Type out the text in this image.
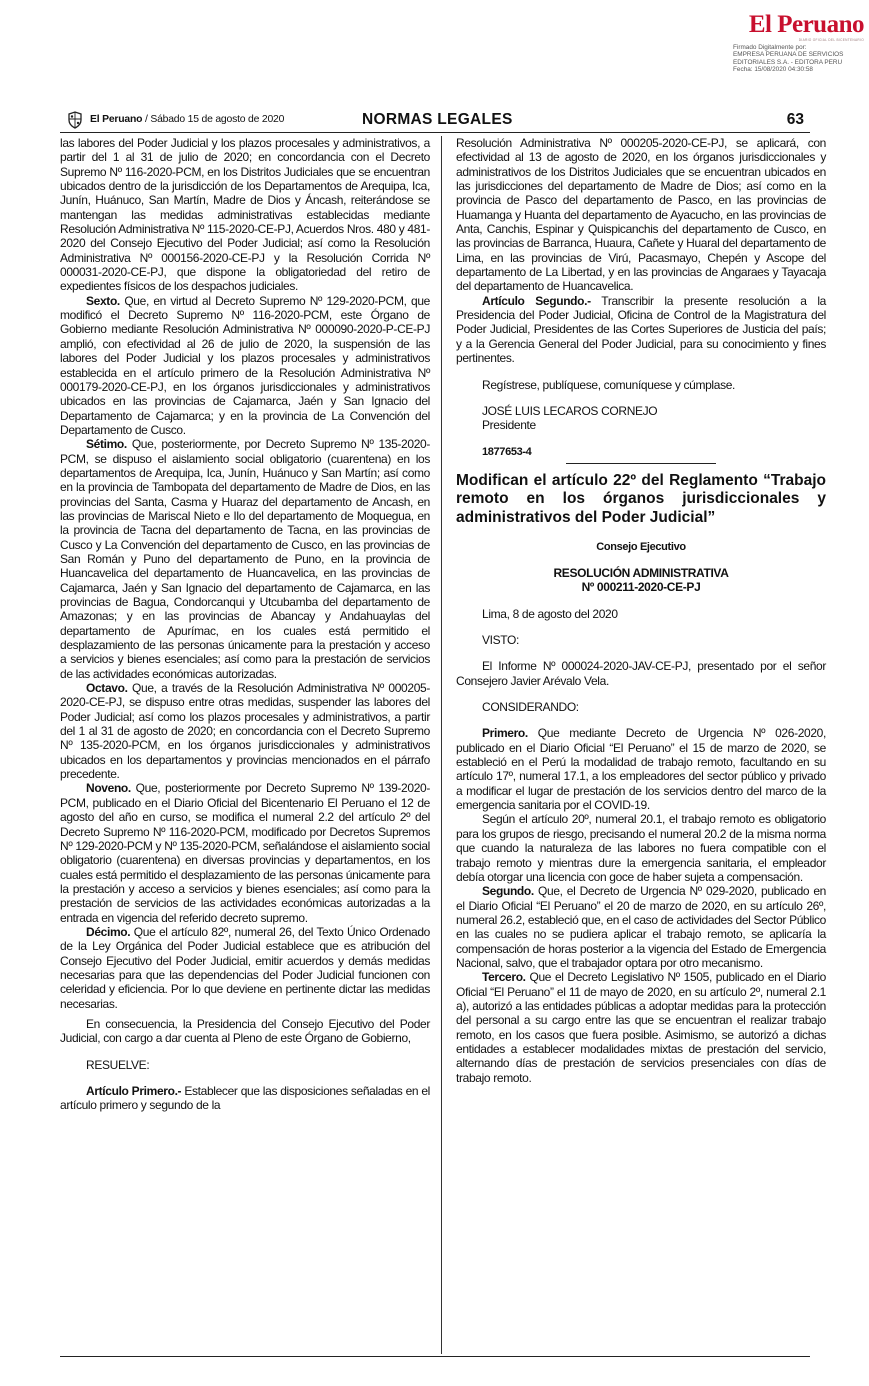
El Peruano
DIARIO OFICIAL DEL BICENTENARIO
Firmado Digitalmente por:
EMPRESA PERUANA DE SERVICIOS
EDITORIALES S.A. - EDITORA PERU
Fecha: 15/08/2020 04:30:58
El Peruano / Sábado 15 de agosto de 2020	NORMAS LEGALES	63

las labores del Poder Judicial y los plazos procesales y administrativos, a partir del 1 al 31 de julio de 2020; en concordancia con el Decreto Supremo Nº 116-2020-PCM, en los Distritos Judiciales que se encuentran ubicados dentro de la jurisdicción de los Departamentos de Arequipa, Ica, Junín, Huánuco, San Martín, Madre de Dios y Áncash, reiterándose se mantengan las medidas administrativas establecidas mediante Resolución Administrativa Nº 115-2020-CE-PJ, Acuerdos Nros. 480 y 481-2020 del Consejo Ejecutivo del Poder Judicial; así como la Resolución Administrativa Nº 000156-2020-CE-PJ y la Resolución Corrida Nº 000031-2020-CE-PJ, que dispone la obligatoriedad del retiro de expedientes físicos de los despachos judiciales.

Sexto. Que, en virtud al Decreto Supremo Nº 129-2020-PCM, que modificó el Decreto Supremo Nº 116-2020-PCM, este Órgano de Gobierno mediante Resolución Administrativa Nº 000090-2020-P-CE-PJ amplió, con efectividad al 26 de julio de 2020, la suspensión de las labores del Poder Judicial y los plazos procesales y administrativos establecida en el artículo primero de la Resolución Administrativa Nº 000179-2020-CE-PJ, en los órganos jurisdiccionales y administrativos ubicados en las provincias de Cajamarca, Jaén y San Ignacio del Departamento de Cajamarca; y en la provincia de La Convención del Departamento de Cusco.

Sétimo. Que, posteriormente, por Decreto Supremo Nº 135-2020-PCM, se dispuso el aislamiento social obligatorio (cuarentena) en los departamentos de Arequipa, Ica, Junín, Huánuco y San Martín; así como en la provincia de Tambopata del departamento de Madre de Dios, en las provincias del Santa, Casma y Huaraz del departamento de Ancash, en las provincias de Mariscal Nieto e Ilo del departamento de Moquegua, en la provincia de Tacna del departamento de Tacna, en las provincias de Cusco y La Convención del departamento de Cusco, en las provincias de San Román y Puno del departamento de Puno, en la provincia de Huancavelica del departamento de Huancavelica, en las provincias de Cajamarca, Jaén y San Ignacio del departamento de Cajamarca, en las provincias de Bagua, Condorcanqui y Utcubamba del departamento de Amazonas; y en las provincias de Abancay y Andahuaylas del departamento de Apurímac, en los cuales está permitido el desplazamiento de las personas únicamente para la prestación y acceso a servicios y bienes esenciales; así como para la prestación de servicios de las actividades económicas autorizadas.

Octavo. Que, a través de la Resolución Administrativa Nº 000205-2020-CE-PJ, se dispuso entre otras medidas, suspender las labores del Poder Judicial; así como los plazos procesales y administrativos, a partir del 1 al 31 de agosto de 2020; en concordancia con el Decreto Supremo Nº 135-2020-PCM, en los órganos jurisdiccionales y administrativos ubicados en los departamentos y provincias mencionados en el párrafo precedente.

Noveno. Que, posteriormente por Decreto Supremo Nº 139-2020-PCM, publicado en el Diario Oficial del Bicentenario El Peruano el 12 de agosto del año en curso, se modifica el numeral 2.2 del artículo 2º del Decreto Supremo Nº 116-2020-PCM, modificado por Decretos Supremos Nº 129-2020-PCM y Nº 135-2020-PCM, señalándose el aislamiento social obligatorio (cuarentena) en diversas provincias y departamentos, en los cuales está permitido el desplazamiento de las personas únicamente para la prestación y acceso a servicios y bienes esenciales; así como para la prestación de servicios de las actividades económicas autorizadas a la entrada en vigencia del referido decreto supremo.

Décimo. Que el artículo 82º, numeral 26, del Texto Único Ordenado de la Ley Orgánica del Poder Judicial establece que es atribución del Consejo Ejecutivo del Poder Judicial, emitir acuerdos y demás medidas necesarias para que las dependencias del Poder Judicial funcionen con celeridad y eficiencia. Por lo que deviene en pertinente dictar las medidas necesarias.

En consecuencia, la Presidencia del Consejo Ejecutivo del Poder Judicial, con cargo a dar cuenta al Pleno de este Órgano de Gobierno,

RESUELVE:

Artículo Primero.- Establecer que las disposiciones señaladas en el artículo primero y segundo de la

Resolución Administrativa Nº 000205-2020-CE-PJ, se aplicará, con efectividad al 13 de agosto de 2020, en los órganos jurisdiccionales y administrativos de los Distritos Judiciales que se encuentran ubicados en las jurisdicciones del departamento de Madre de Dios; así como en la provincia de Pasco del departamento de Pasco, en las provincias de Huamanga y Huanta del departamento de Ayacucho, en las provincias de Anta, Canchis, Espinar y Quispicanchis del departamento de Cusco, en las provincias de Barranca, Huaura, Cañete y Huaral del departamento de Lima, en las provincias de Virú, Pacasmayo, Chepén y Ascope del departamento de La Libertad, y en las provincias de Angaraes y Tayacaja del departamento de Huancavelica.

Artículo Segundo.- Transcribir la presente resolución a la Presidencia del Poder Judicial, Oficina de Control de la Magistratura del Poder Judicial, Presidentes de las Cortes Superiores de Justicia del país; y a la Gerencia General del Poder Judicial, para su conocimiento y fines pertinentes.

Regístrese, publíquese, comuníquese y cúmplase.

JOSÉ LUIS LECAROS CORNEJO

Presidente

1877653-4

Modifican el artículo 22º del Reglamento “Trabajo remoto en los órganos jurisdiccionales y administrativos del Poder Judicial”

Consejo Ejecutivo

RESOLUCIÓN ADMINISTRATIVA

Nº 000211-2020-CE-PJ

Lima, 8 de agosto del 2020

VISTO:

El Informe Nº 000024-2020-JAV-CE-PJ, presentado por el señor Consejero Javier Arévalo Vela.

CONSIDERANDO:

Primero. Que mediante Decreto de Urgencia Nº 026-2020, publicado en el Diario Oficial “El Peruano” el 15 de marzo de 2020, se estableció en el Perú la modalidad de trabajo remoto, facultando en su artículo 17º, numeral 17.1, a los empleadores del sector público y privado a modificar el lugar de prestación de los servicios dentro del marco de la emergencia sanitaria por el COVID-19.

Según el artículo 20º, numeral 20.1, el trabajo remoto es obligatorio para los grupos de riesgo, precisando el numeral 20.2 de la misma norma que cuando la naturaleza de las labores no fuera compatible con el trabajo remoto y mientras dure la emergencia sanitaria, el empleador debía otorgar una licencia con goce de haber sujeta a compensación.

Segundo. Que, el Decreto de Urgencia Nº 029-2020, publicado en el Diario Oficial “El Peruano” el 20 de marzo de 2020, en su artículo 26º, numeral 26.2, estableció que, en el caso de actividades del Sector Público en las cuales no se pudiera aplicar el trabajo remoto, se aplicaría la compensación de horas posterior a la vigencia del Estado de Emergencia Nacional, salvo, que el trabajador optara por otro mecanismo.

Tercero. Que el Decreto Legislativo Nº 1505, publicado en el Diario Oficial “El Peruano” el 11 de mayo de 2020, en su artículo 2º, numeral 2.1 a), autorizó a las entidades públicas a adoptar medidas para la protección del personal a su cargo entre las que se encuentran el realizar trabajo remoto, en los casos que fuera posible. Asimismo, se autorizó a dichas entidades a establecer modalidades mixtas de prestación del servicio, alternando días de prestación de servicios presenciales con días de trabajo remoto.
